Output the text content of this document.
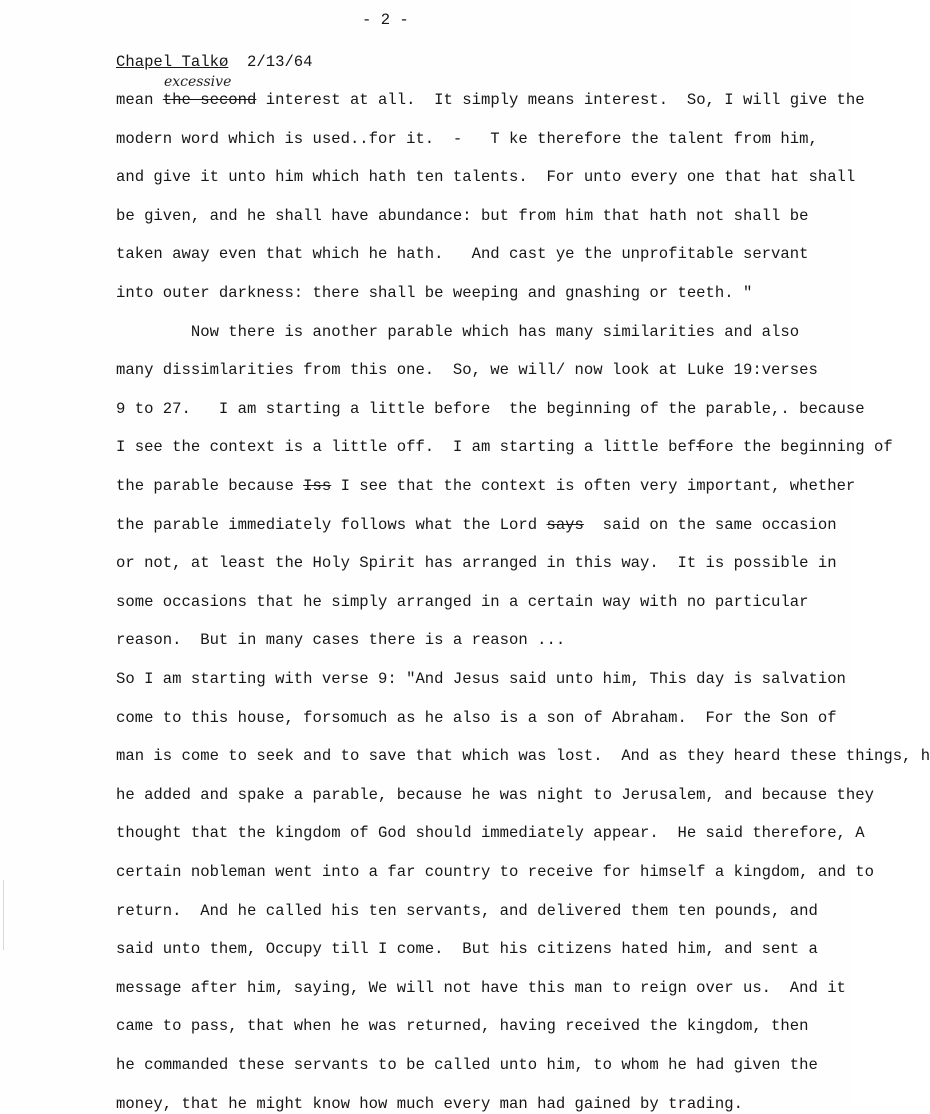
- 2 -
Chapel Talkø 2/13/64
excessive
mean the second interest at all.  It simply means interest.  So, I will give the
modern word which is used..for it.  -   T ke therefore the talent from him,
and give it unto him which hath ten talents.  For unto every one that hat shall
be given, and he shall have abundance: but from him that hath not shall be
taken away even that which he hath.   And cast ye the unprofitable servant
into outer darkness: there shall be weeping and gnashing or teeth. "
Now there is another parable which has many similarities and also
many dissimlarities from this one.  So, we will/ now look at Luke 19:verses
9 to 27.   I am starting a little before  the beginning of the parable,. because
I see the context is a little off.  I am starting a little beffore the beginning of
the parable because Iss I see that the context is often very important, whether
the parable immediately follows what the Lord says  said on the same occasion
or not, at least the Holy Spirit has arranged in this way.  It is possible in
some occasions that he simply arranged in a certain way with no particular
reason.  But in many cases there is a reason ...
So I am starting with verse 9: "And Jesus said unto him, This day is salvation
come to this house, forsomuch as he also is a son of Abraham.  For the Son of
man is come to seek and to save that which was lost.  And as they heard these things, h
he added and spake a parable, because he was night to Jerusalem, and because they
thought that the kingdom of God should immediately appear.  He said therefore, A
certain nobleman went into a far country to receive for himself a kingdom, and to
return.  And he called his ten servants, and delivered them ten pounds, and
said unto them, Occupy till I come.  But his citizens hated him, and sent a
message after him, saying, We will not have this man to reign over us.  And it
came to pass, that when he was returned, having received the kingdom, then
he commanded these servants to be called unto him, to whom he had given the
money, that he might know how much every man had gained by trading.
